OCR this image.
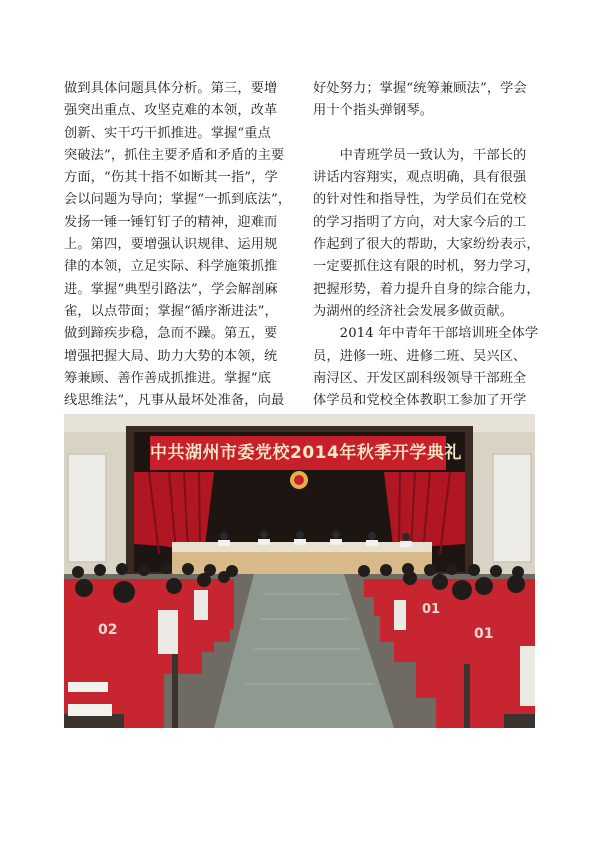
做到具体问题具体分析。第三，要增
强突出重点、攻坚克难的本领，改革
创新、实干巧干抓推进。掌握“重点
突破法”，抓住主要矛盾和矛盾的主要
方面，“伤其十指不如断其一指”，学
会以问题为导向；掌握“一抓到底法”，
发扬一锤一锤钉钉子的精神，迎难而
上。第四，要增强认识规律、运用规
律的本领，立足实际、科学施策抓推
进。掌握“典型引路法”，学会解剖麻
雀，以点带面；掌握“循序渐进法”，
做到蹄疾步稳，急而不躁。第五，要
增强把握大局、助力大势的本领，统
筹兼顾、善作善成抓推进。掌握“底
线思维法”，凡事从最坏处准备，向最
好处努力；掌握“统筹兼顾法”，学会
用十个指头弹钢琴。
　　中青班学员一致认为，干部长的
讲话内容翔实，观点明确，具有很强
的针对性和指导性，为学员们在党校
的学习指明了方向，对大家今后的工
作起到了很大的帮助，大家纷纷表示，
一定要抓住这有限的时机，努力学习，
把握形势，着力提升自身的综合能力，
为湖州的经济社会发展多做贡献。
　　2014 年中青年干部培训班全体学
员，进修一班、进修二班、吴兴区、
南浔区、开发区副科级领导干部班全
体学员和党校全体教职工参加了开学
中共湖州市委党校2014年秋季开学典礼
02
01
01
